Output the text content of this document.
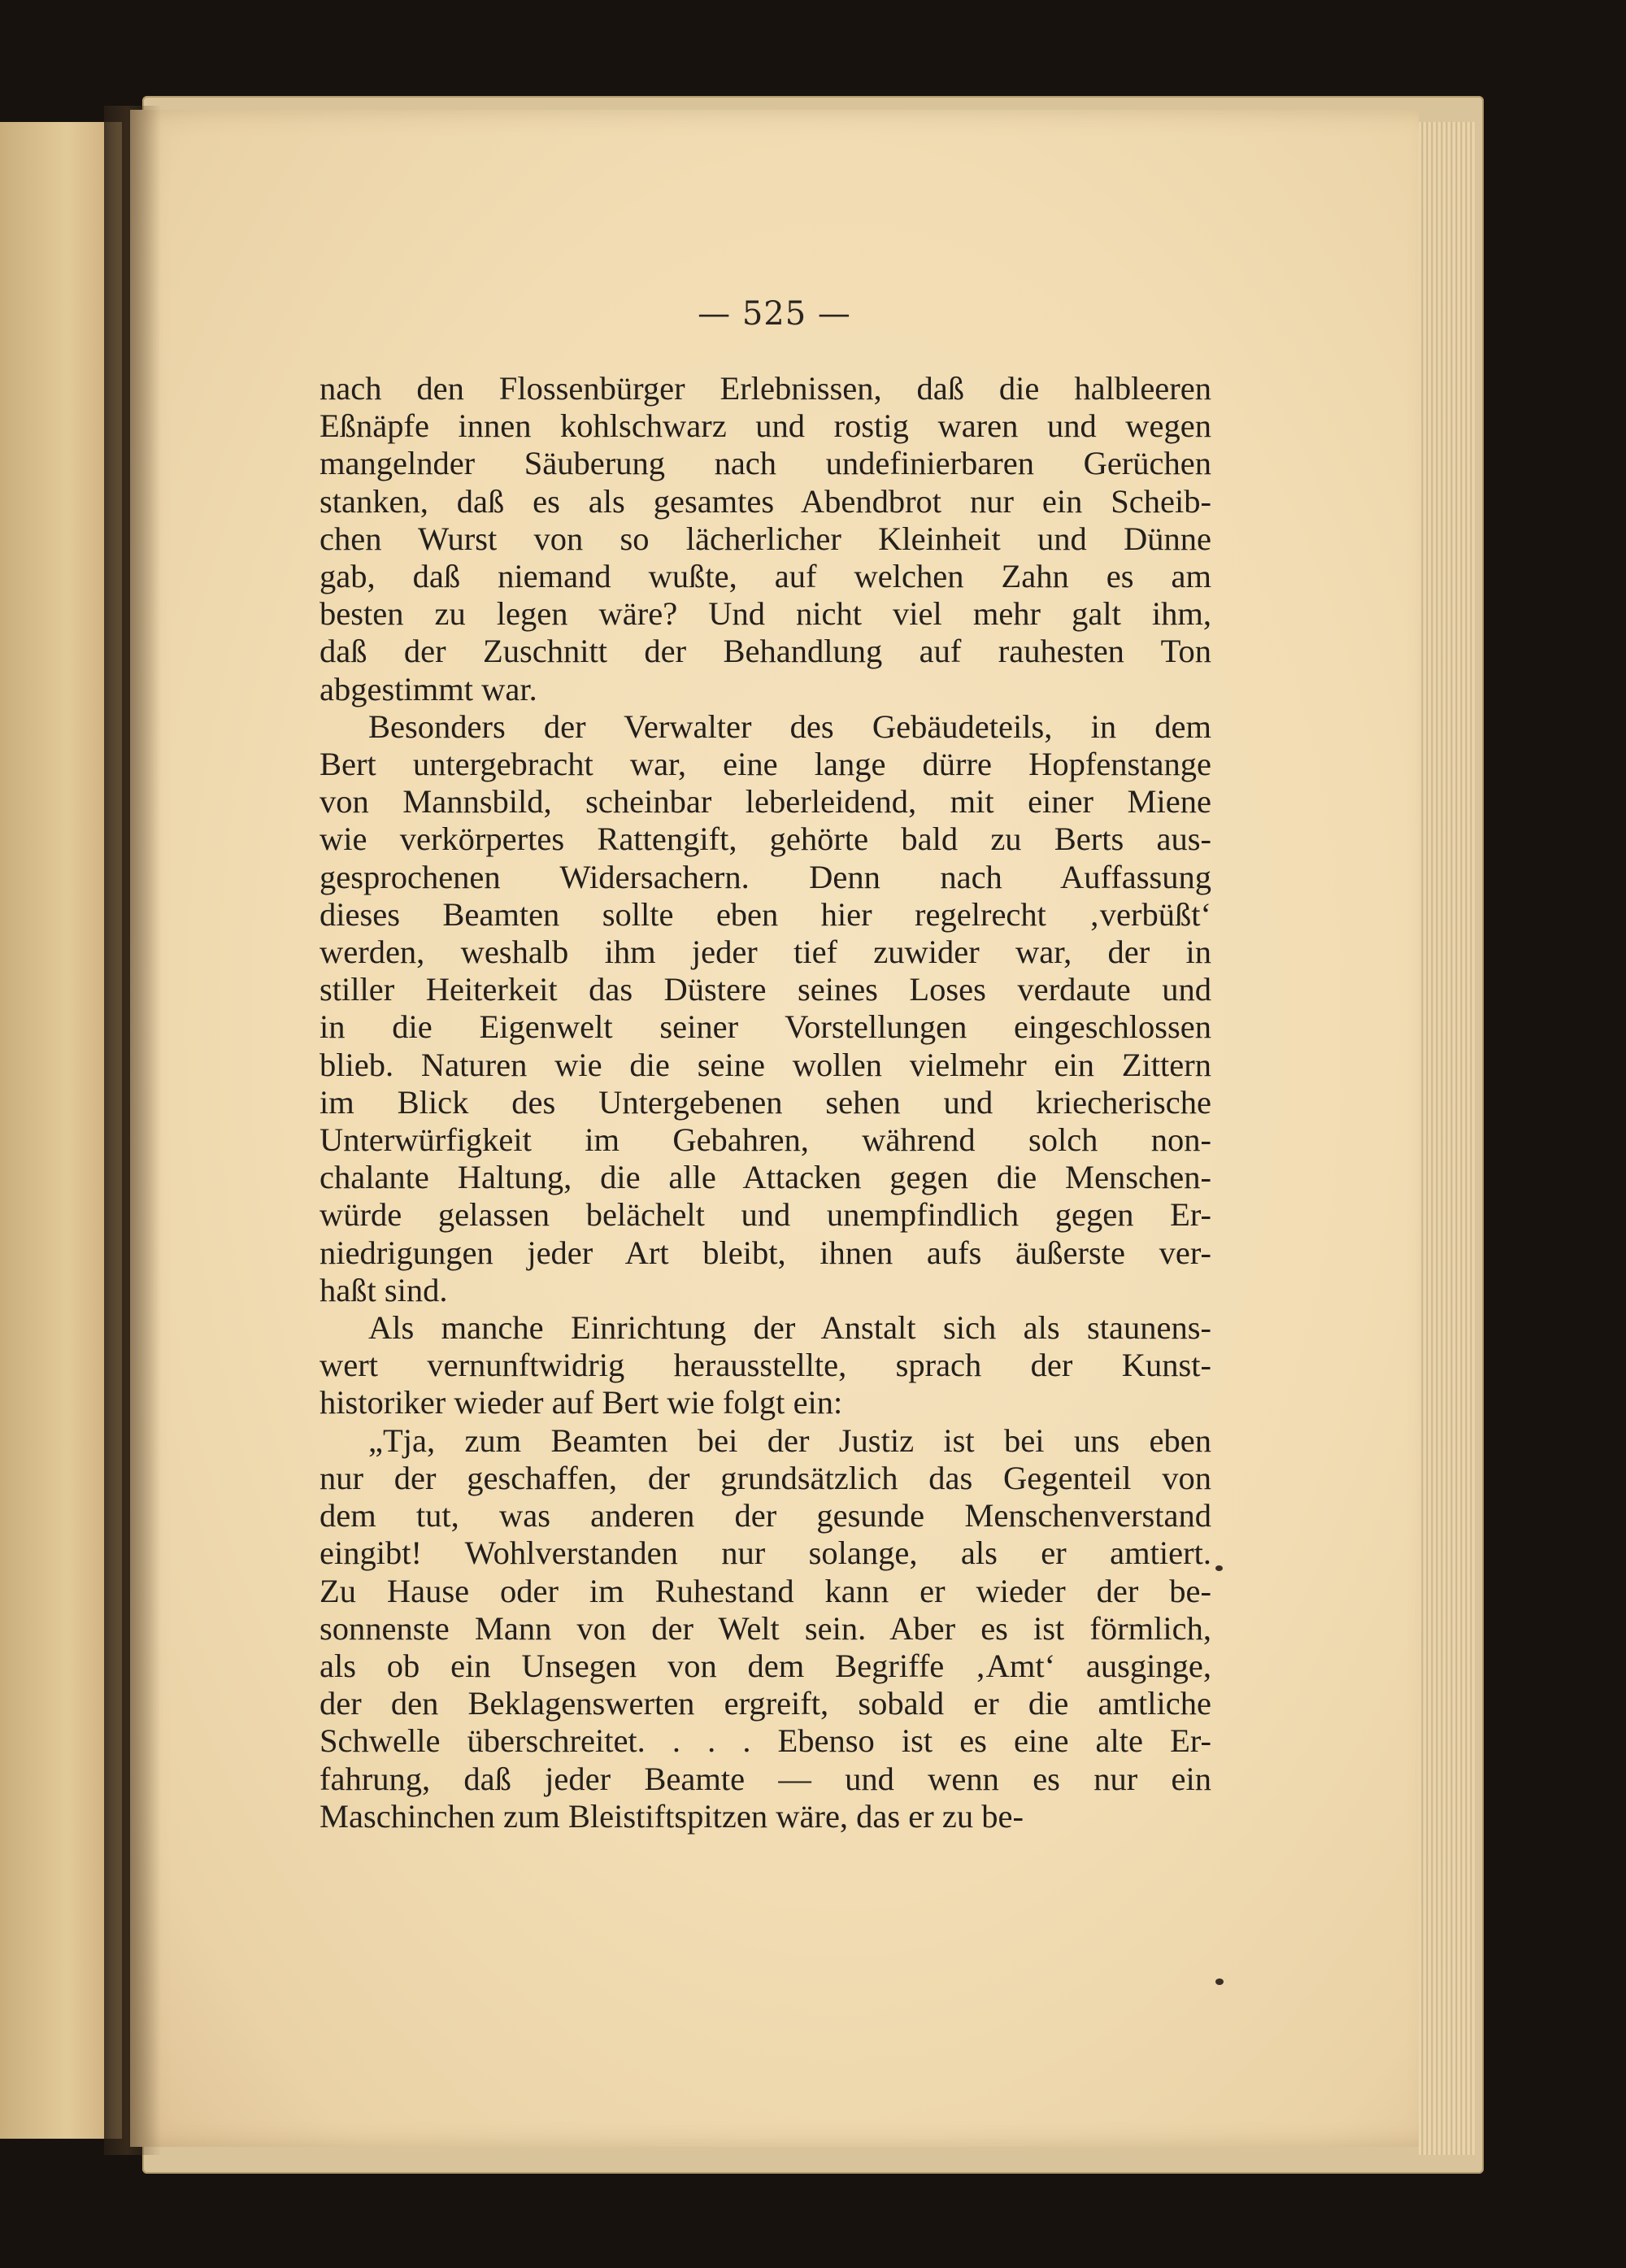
— 525 —

nach den Flossenbürger Erlebnissen, daß die halbleeren
Eßnäpfe innen kohlschwarz und rostig waren und wegen
mangelnder Säuberung nach undefinierbaren Gerüchen
stanken, daß es als gesamtes Abendbrot nur ein Scheib-
chen Wurst von so lächerlicher Kleinheit und Dünne
gab, daß niemand wußte, auf welchen Zahn es am
besten zu legen wäre? Und nicht viel mehr galt ihm,
daß der Zuschnitt der Behandlung auf rauhesten Ton
abgestimmt war.

Besonders der Verwalter des Gebäudeteils, in dem
Bert untergebracht war, eine lange dürre Hopfenstange
von Mannsbild, scheinbar leberleidend, mit einer Miene
wie verkörpertes Rattengift, gehörte bald zu Berts aus-
gesprochenen Widersachern. Denn nach Auffassung
dieses Beamten sollte eben hier regelrecht ‚verbüßt‘
werden, weshalb ihm jeder tief zuwider war, der in
stiller Heiterkeit das Düstere seines Loses verdaute und
in die Eigenwelt seiner Vorstellungen eingeschlossen
blieb. Naturen wie die seine wollen vielmehr ein Zittern
im Blick des Untergebenen sehen und kriecherische
Unterwürfigkeit im Gebahren, während solch non-
chalante Haltung, die alle Attacken gegen die Menschen-
würde gelassen belächelt und unempfindlich gegen Er-
niedrigungen jeder Art bleibt, ihnen aufs äußerste ver-
haßt sind.

Als manche Einrichtung der Anstalt sich als staunens-
wert vernunftwidrig herausstellte, sprach der Kunst-
historiker wieder auf Bert wie folgt ein:

„Tja, zum Beamten bei der Justiz ist bei uns eben
nur der geschaffen, der grundsätzlich das Gegenteil von
dem tut, was anderen der gesunde Menschenverstand
eingibt! Wohlverstanden nur solange, als er amtiert.
Zu Hause oder im Ruhestand kann er wieder der be-
sonnenste Mann von der Welt sein. Aber es ist förmlich,
als ob ein Unsegen von dem Begriffe ‚Amt‘ ausginge,
der den Beklagenswerten ergreift, sobald er die amtliche
Schwelle überschreitet. . . . Ebenso ist es eine alte Er-
fahrung, daß jeder Beamte — und wenn es nur ein
Maschinchen zum Bleistiftspitzen wäre, das er zu be-
